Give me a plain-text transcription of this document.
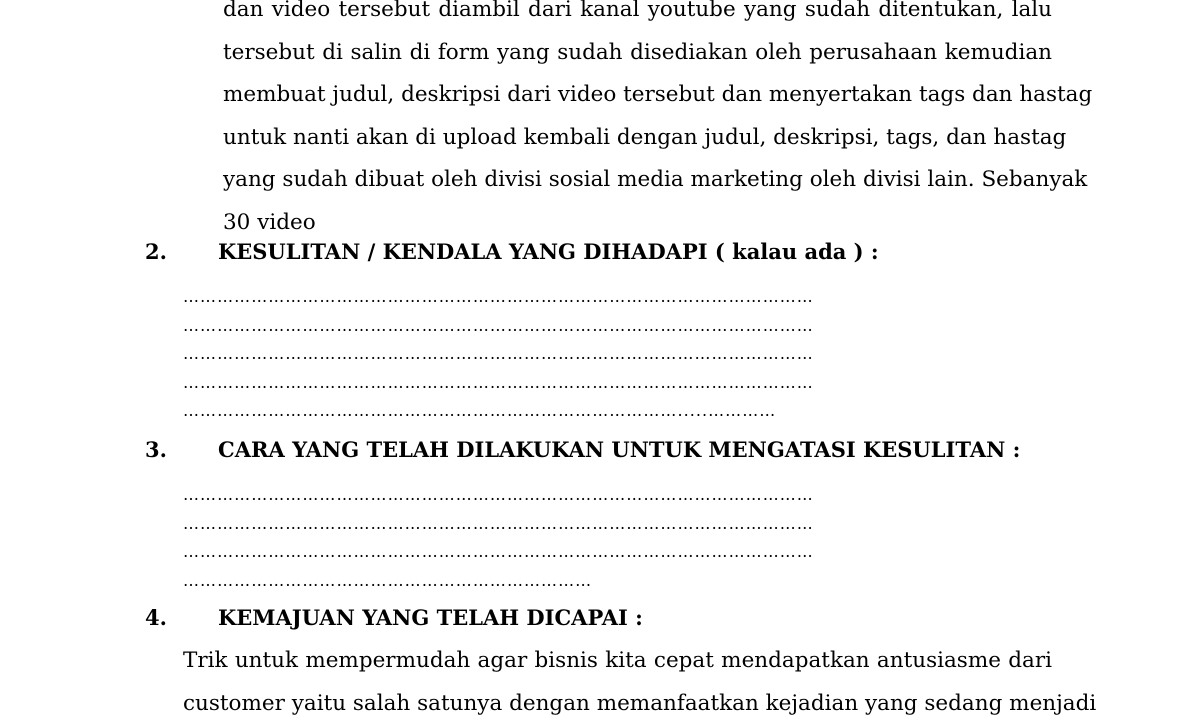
dan video tersebut diambil dari kanal youtube yang sudah ditentukan, lalu
tersebut di salin di form yang sudah disediakan oleh perusahaan kemudian
membuat judul, deskripsi dari video tersebut dan menyertakan tags dan hastag
untuk nanti akan di upload kembali dengan judul, deskripsi, tags, dan hastag
yang sudah dibuat oleh divisi sosial media marketing oleh divisi lain. Sebanyak
30 video
2. KESULITAN / KENDALA YANG DIHADAPI ( kalau ada ) :
…………………………………………………………………………………………………
…………………………………………………………………………………………………
…………………………………………………………………………………………………
…………………………………………………………………………………………………
…………………………………………………………………………….....…………
3. CARA YANG TELAH DILAKUKAN UNTUK MENGATASI KESULITAN :
…………………………………………………………………………………………………
…………………………………………………………………………………………………
…………………………………………………………………………………………………
………………………………………………………………
4. KEMAJUAN YANG TELAH DICAPAI :
Trik untuk mempermudah agar bisnis kita cepat mendapatkan antusiasme dari
customer yaitu salah satunya dengan memanfaatkan kejadian yang sedang menjadi
